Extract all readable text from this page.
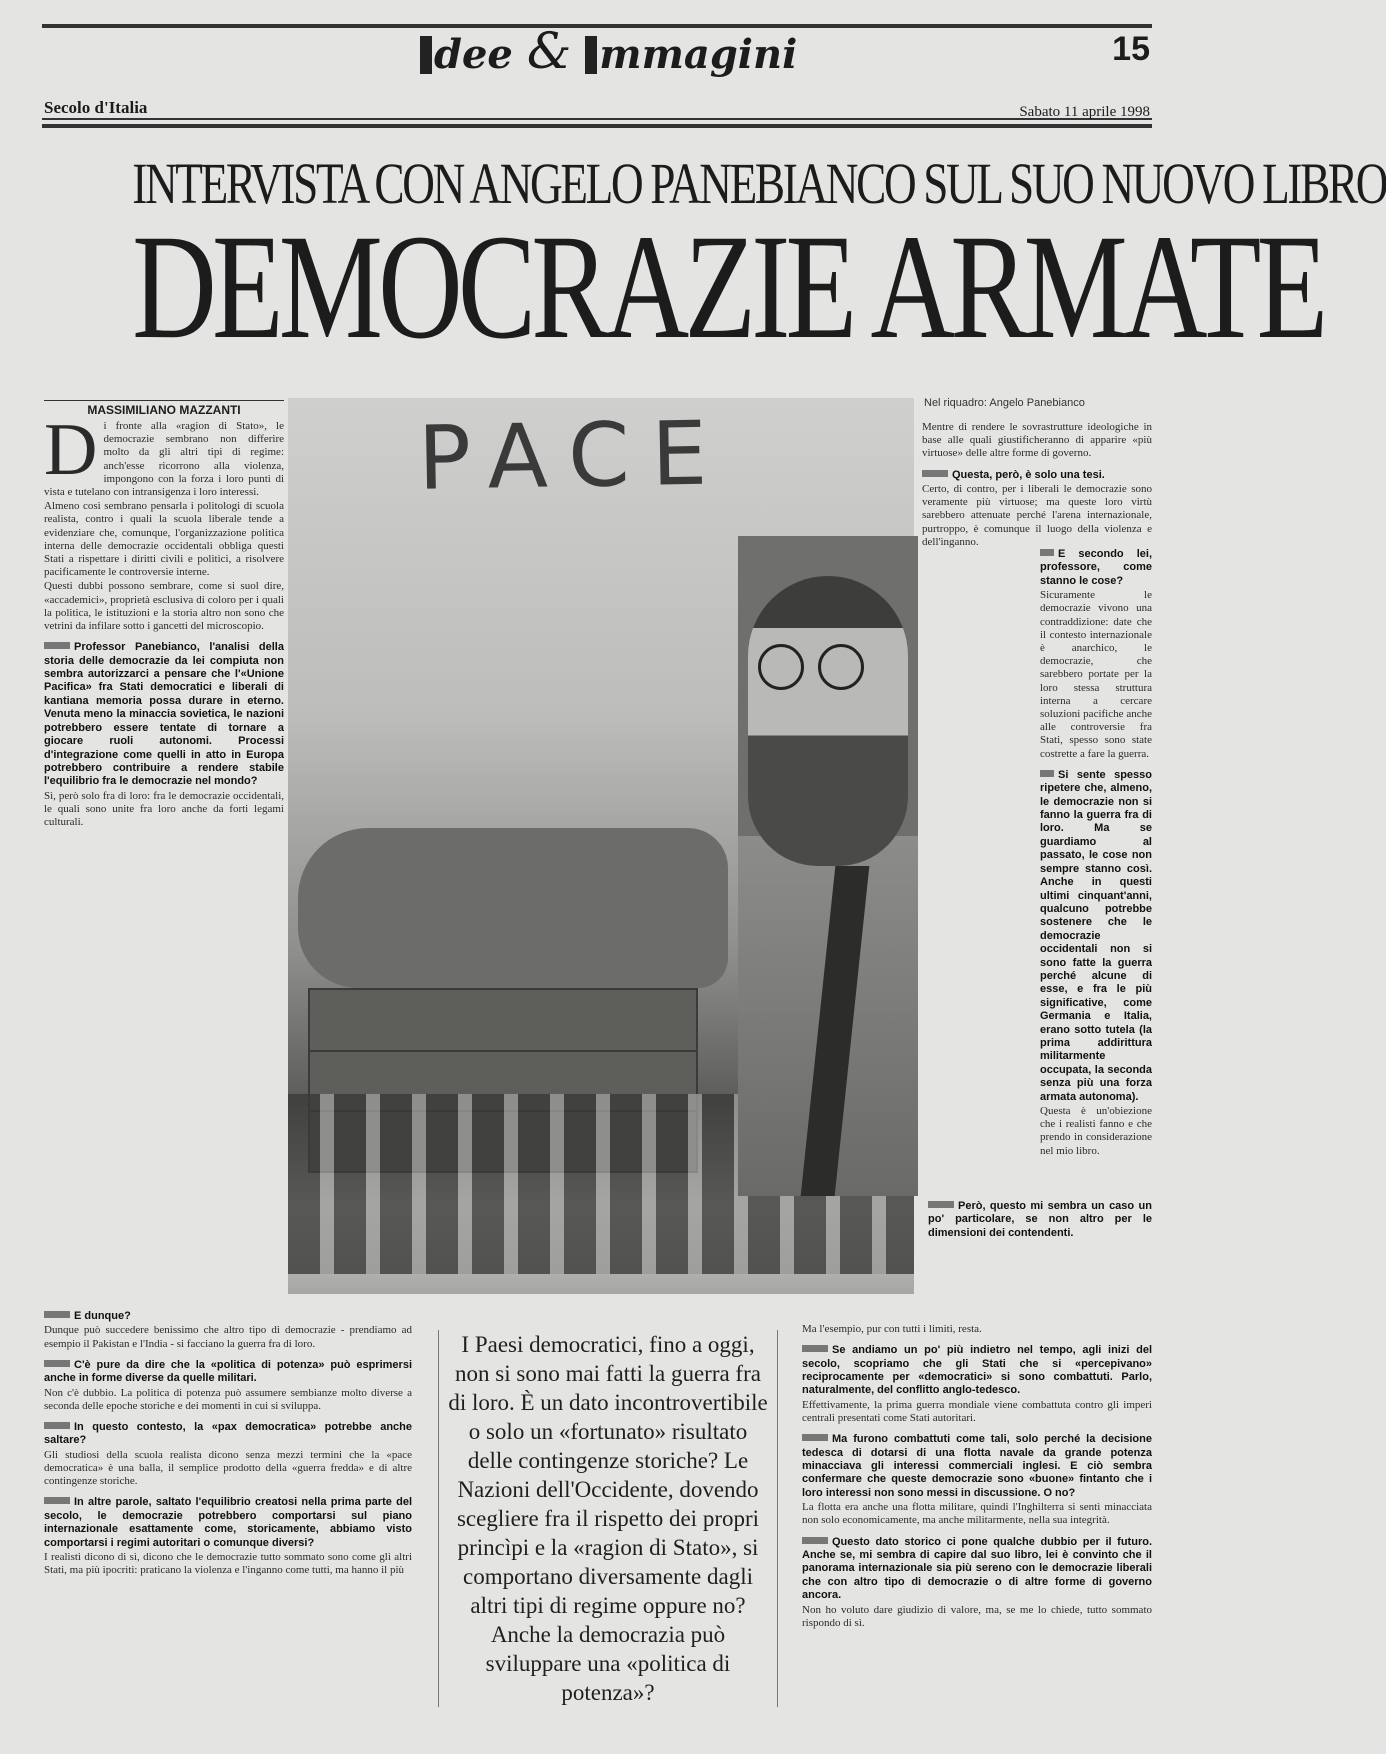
dee & mmagini	15
Secolo d'Italia	Sabato 11 aprile 1998
INTERVISTA CON ANGELO PANEBIANCO SUL SUO NUOVO LIBRO
DEMOCRAZIE ARMATE
MASSIMILIANO MAZZANTI	Nel riquadro: Angelo Panebianco
D i fronte alla «ragion di Stato», le democrazie sembrano non differire molto da gli altri tipi di regime: anch'esse ricorrono alla violenza, impongono con la forza i loro punti di vista e tutelano con intransigenza i loro interessi.

Almeno così sembrano pensarla i politologi di scuola realista, contro i quali la scuola liberale tende a evidenziare che, comunque, l'organizzazione politica interna delle democrazie occidentali obbliga questi Stati a rispettare i diritti civili e politici, a risolvere pacificamente le controversie interne.

Questi dubbi possono sembrare, come si suol dire, «accademici», proprietà esclusiva di coloro per i quali la politica, le istituzioni e la storia altro non sono che vetrini da infilare sotto i gancetti del microscopio.

Professor Panebianco, l'analisi della storia delle democrazie da lei compiuta non sembra autorizzarci a pensare che l'«Unione Pacifica» fra Stati democratici e liberali di kantiana memoria possa durare in eterno. Venuta meno la minaccia sovietica, le nazioni potrebbero essere tentate di tornare a giocare ruoli autonomi. Processi d'integrazione come quelli in atto in Europa potrebbero contribuire a rendere stabile l'equilibrio fra le democrazie nel mondo?

Sì, però solo fra di loro: fra le democrazie occidentali, le quali sono unite fra loro anche da forti legami culturali.

E dunque?

Dunque può succedere benissimo che altro tipo di democrazie - prendiamo ad esempio il Pakistan e l'India - si facciano la guerra fra di loro.

C'è pure da dire che la «politica di potenza» può esprimersi anche in forme diverse da quelle militari.

Non c'è dubbio. La politica di potenza può assumere sembianze molto diverse a seconda delle epoche storiche e dei momenti in cui si sviluppa.

In questo contesto, la «pax democratica» potrebbe anche saltare?

Gli studiosi della scuola realista dicono senza mezzi termini che la «pace democratica» è una balla, il semplice prodotto della «guerra fredda» e di altre contingenze storiche.

In altre parole, saltato l'equilibrio creatosi nella prima parte del secolo, le democrazie potrebbero comportarsi sul piano internazionale esattamente come, storicamente, abbiamo visto comportarsi i regimi autoritari o comunque diversi?

I realisti dicono di sì, dicono che le democrazie tutto sommato sono come gli altri Stati, ma più ipocriti: praticano la violenza e l'inganno come tutti, ma hanno il più

PACE	Mentre di rendere le sovrastrutture ideologiche in base alle quali giustificheranno di apparire «più virtuose» delle altre forme di governo.

Questa, però, è solo una tesi.

Certo, di contro, per i liberali le democrazie sono veramente più virtuose; ma queste loro virtù sarebbero attenuate perché l'arena internazionale, purtroppo, è comunque il luogo della violenza e dell'inganno.

E secondo lei, professore, come stanno le cose?

Sicuramente le democrazie vivono una contraddizione: date che il contesto internazionale è anarchico, le democrazie, che sarebbero portate per la loro stessa struttura interna a cercare soluzioni pacifiche anche alle controversie fra Stati, spesso sono state costrette a fare la guerra.

Si sente spesso ripetere che, almeno, le democrazie non si fanno la guerra fra di loro. Ma se guardiamo al passato, le cose non sempre stanno così. Anche in questi ultimi cinquant'anni, qualcuno potrebbe sostenere che le democrazie occidentali non si sono fatte la guerra perché alcune di esse, e fra le più significative, come Germania e Italia, erano sotto tutela (la prima addirittura militarmente occupata, la seconda senza più una forza armata autonoma).

Questa è un'obiezione che i realisti fanno e che prendo in considerazione nel mio libro.

Però, questo mi sembra un caso un po' particolare, se non altro per le dimensioni dei contendenti.

I Paesi democratici, fino a oggi, non si sono mai fatti la guerra fra di loro. È un dato incontrovertibile o solo un «fortunato» risultato delle contingenze storiche? Le Nazioni dell'Occidente, dovendo scegliere fra il rispetto dei propri princìpi e la «ragion di Stato», si comportano diversamente dagli altri tipi di regime oppure no? Anche la democrazia può sviluppare una «politica di potenza»?

Ma l'esempio, pur con tutti i limiti, resta.

Se andiamo un po' più indietro nel tempo, agli inizi del secolo, scopriamo che gli Stati che si «percepivano» reciprocamente per «democratici» si sono combattuti. Parlo, naturalmente, del conflitto anglo-tedesco.

Effettivamente, la prima guerra mondiale viene combattuta contro gli imperi centrali presentati come Stati autoritari.

Ma furono combattuti come tali, solo perché la decisione tedesca di dotarsi di una flotta navale da grande potenza minacciava gli interessi commerciali inglesi. E ciò sembra confermare che queste democrazie sono «buone» fintanto che i loro interessi non sono messi in discussione. O no?

La flotta era anche una flotta militare, quindi l'Inghilterra si sentì minacciata non solo economicamente, ma anche militarmente, nella sua integrità.

Questo dato storico ci pone qualche dubbio per il futuro. Anche se, mi sembra di capire dal suo libro, lei è convinto che il panorama internazionale sia più sereno con le democrazie liberali che con altro tipo di democrazie o di altre forme di governo ancora.

Non ho voluto dare giudizio di valore, ma, se me lo chiede, tutto sommato rispondo di sì.
